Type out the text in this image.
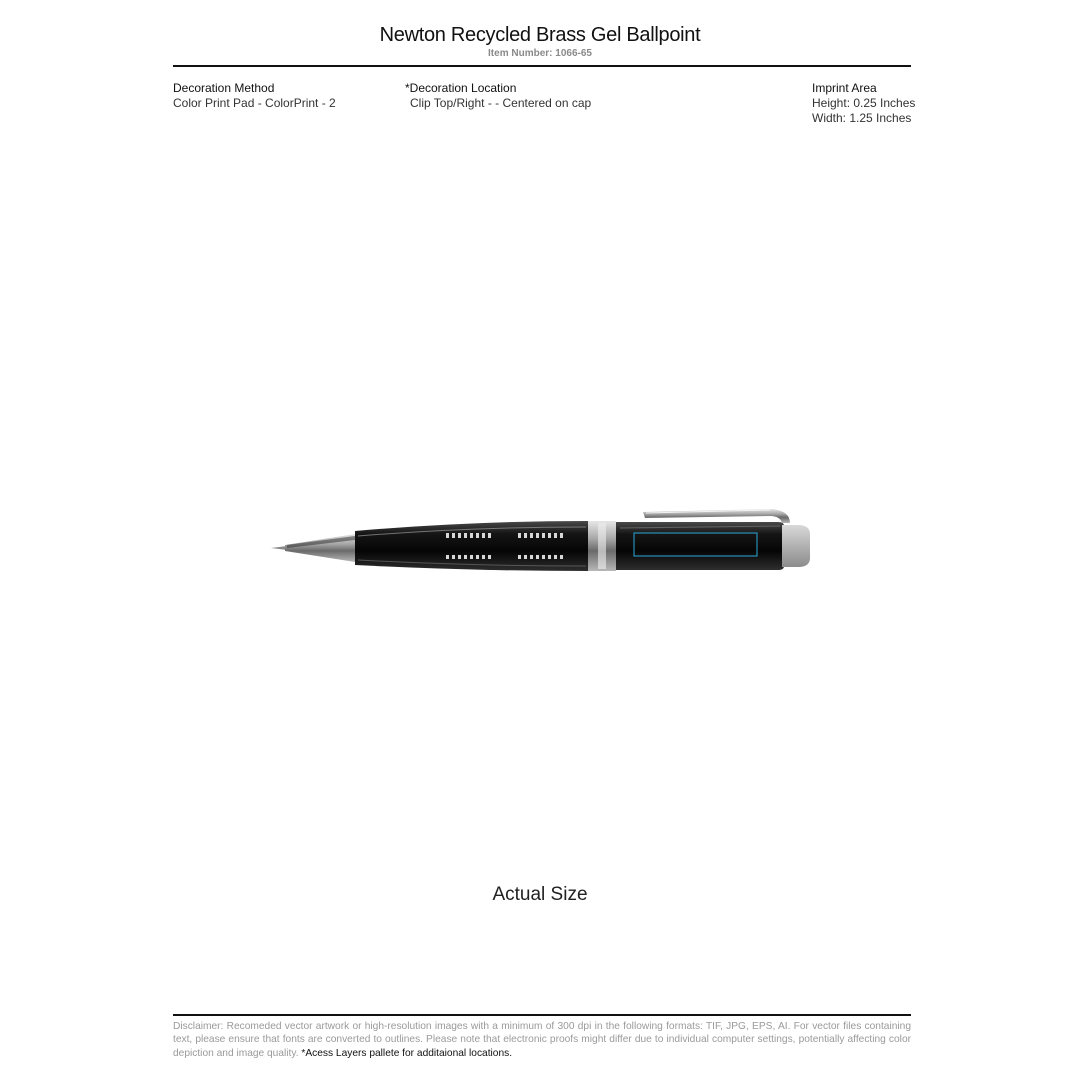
Newton Recycled Brass Gel Ballpoint
Item Number: 1066-65
Decoration Method
Color Print Pad - ColorPrint - 2
*Decoration Location
Clip Top/Right - - Centered on cap
Imprint Area
Height: 0.25 Inches
Width: 1.25 Inches
Actual Size
Disclaimer: Recomeded vector artwork or high-resolution images with a minimum of 300 dpi in the following formats: TIF, JPG, EPS, AI. For vector files containing text, please ensure that fonts are converted to outlines. Please note that electronic proofs might differ due to individual computer settings, potentially affecting color depiction and image quality. *Acess Layers pallete for additaional locations.
